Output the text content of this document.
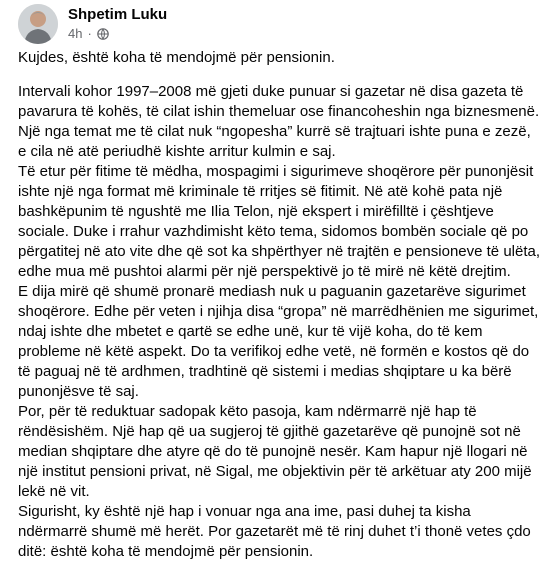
Shpetim Luku
4h ·

Kujdes, është koha të mendojmë për pensionin.

Intervali kohor 1997–2008 më gjeti duke punuar si gazetar në disa gazeta të pavarura të kohës, të cilat ishin themeluar ose financoheshin nga biznesmenë. Një nga temat me të cilat nuk “ngopesha” kurrë së trajtuari ishte puna e zezë, e cila në atë periudhë kishte arritur kulmin e saj.

Të etur për fitime të mëdha, mospagimi i sigurimeve shoqërore për punonjësit ishte një nga format më kriminale të rritjes së fitimit. Në atë kohë pata një bashkëpunim të ngushtë me Ilia Telon, një ekspert i mirëfilltë i çështjeve sociale. Duke i rrahur vazhdimisht këto tema, sidomos bombën sociale që po përgatitej në ato vite dhe që sot ka shpërthyer në trajtën e pensioneve të ulëta, edhe mua më pushtoi alarmi për një perspektivë jo të mirë në këtë drejtim.

E dija mirë që shumë pronarë mediash nuk u paguanin gazetarëve sigurimet shoqërore. Edhe për veten i njihja disa “gropa” në marrëdhënien me sigurimet, ndaj ishte dhe mbetet e qartë se edhe unë, kur të vijë koha, do të kem probleme në këtë aspekt. Do ta verifikoj edhe vetë, në formën e kostos që do të paguaj në të ardhmen, tradhtinë që sistemi i medias shqiptare u ka bërë punonjësve të saj.

Por, për të reduktuar sadopak këto pasoja, kam ndërmarrë një hap të rëndësishëm. Një hap që ua sugjeroj të gjithë gazetarëve që punojnë sot në median shqiptare dhe atyre që do të punojnë nesër. Kam hapur një llogari në një institut pensioni privat, në Sigal, me objektivin për të arkëtuar aty 200 mijë lekë në vit.

Sigurisht, ky është një hap i vonuar nga ana ime, pasi duhej ta kisha ndërmarrë shumë më herët. Por gazetarët më të rinj duhet t’i thonë vetes çdo ditë: është koha të mendojmë për pensionin.
